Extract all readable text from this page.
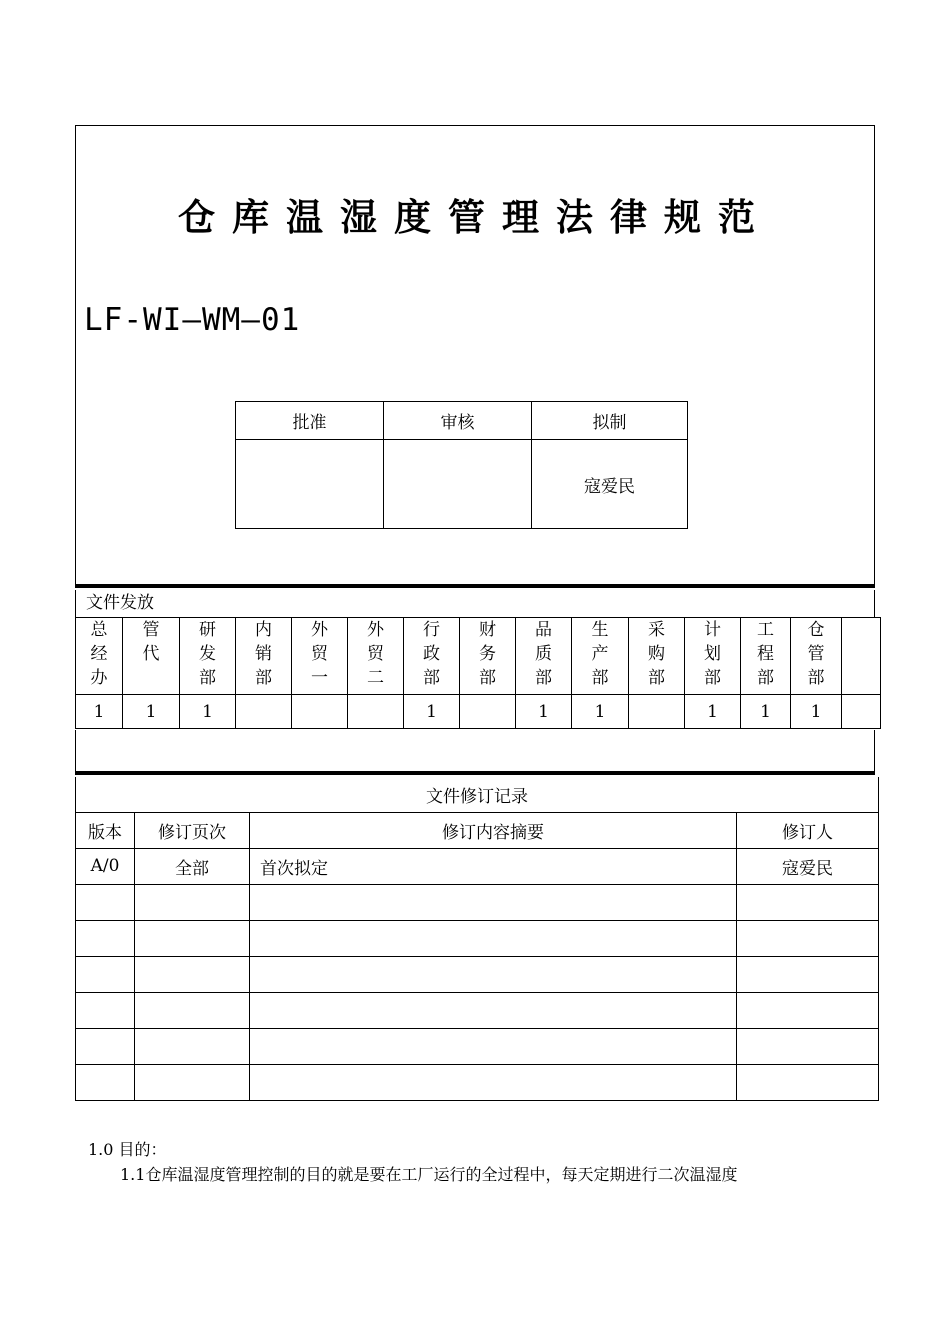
仓库温湿度管理法律规范
LF-WI—WM—01
批准	审核	拟制
		寇爱民
文件发放
总
经
办	管
代	研
发
部	内
销
部	外
贸
一	外
贸
二	行
政
部	财
务
部	品
质
部	生
产
部	采
购
部	计
划
部	工
程
部	仓
管
部	
1	1	1				1		1	1		1	1	1	
文件修订记录			
版本	修订页次	修订内容摘要	修订人
A/0	全部	首次拟定	寇爱民

1.0 目的：
1.1仓库温湿度管理控制的目的就是要在工厂运行的全过程中，每天定期进行二次温湿度
